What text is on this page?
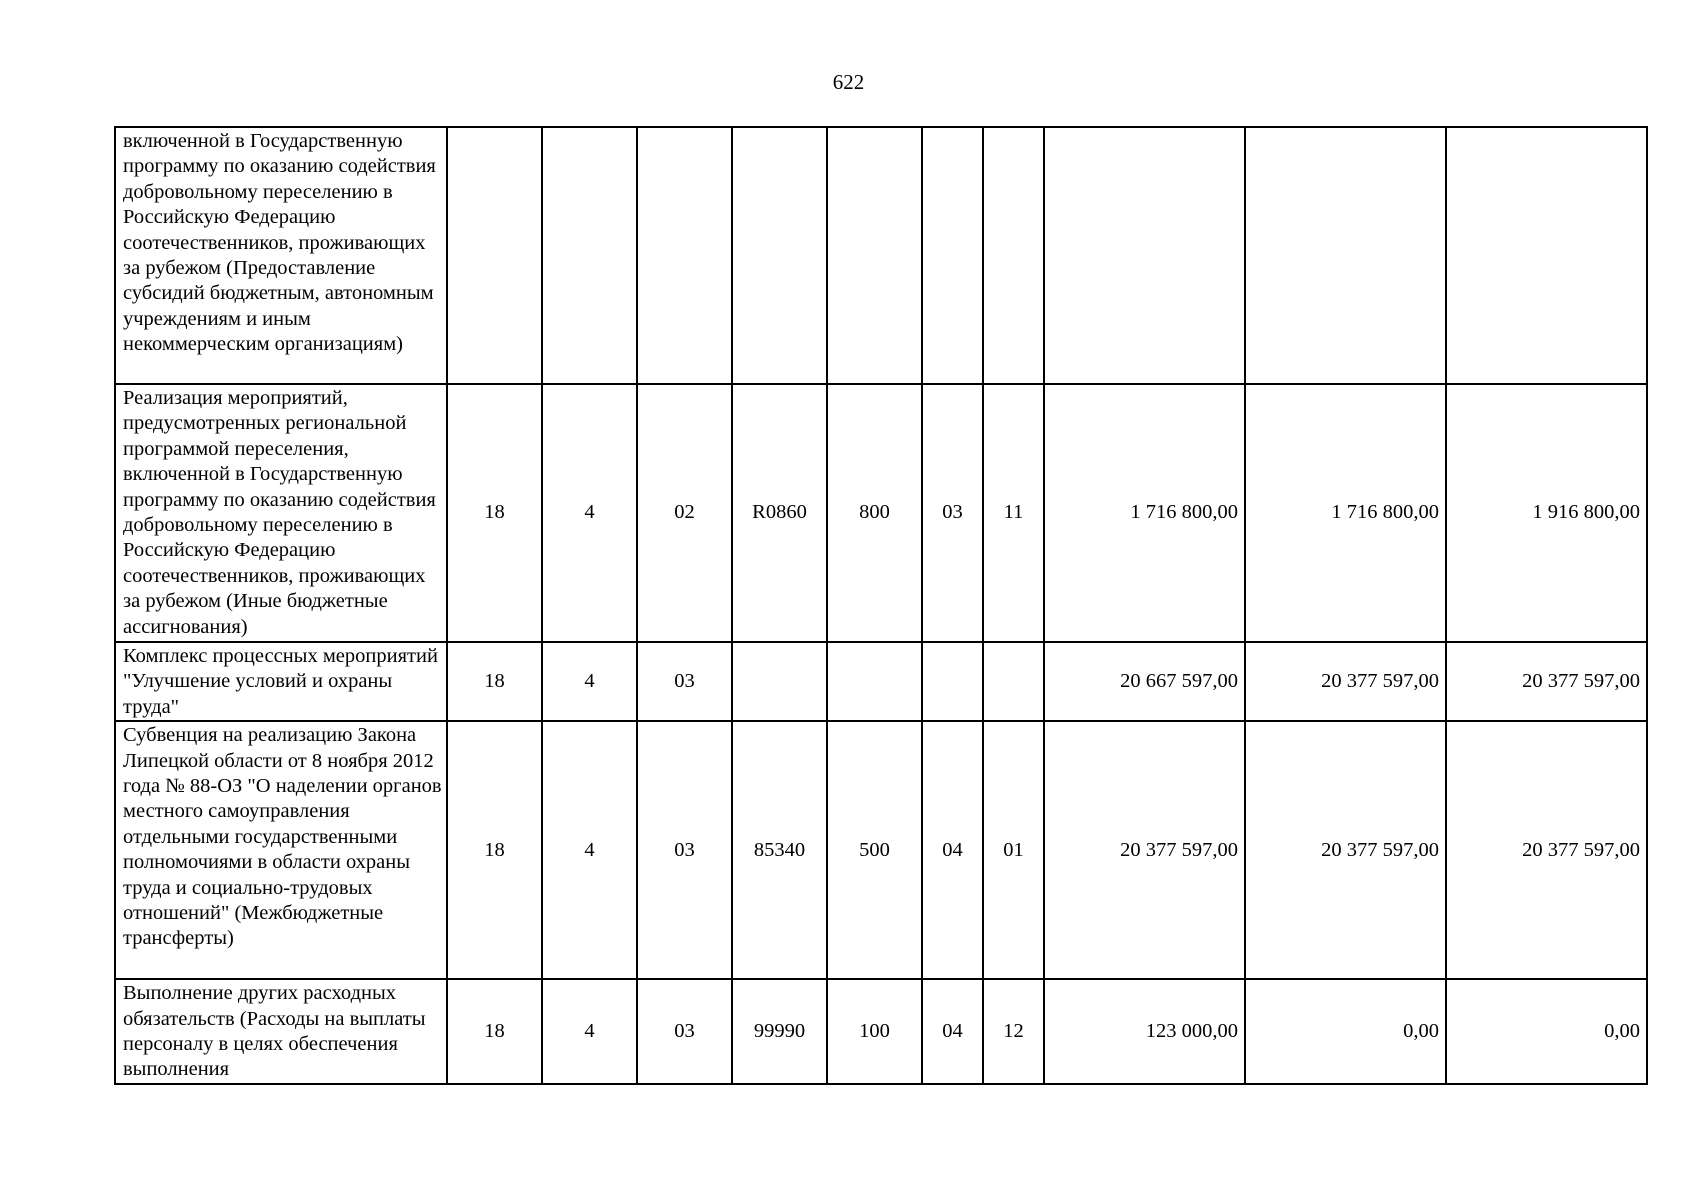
622
включенной в Государственную программу по оказанию содействия добровольному переселению в Российскую Федерацию соотечественников, проживающих за рубежом (Предоставление субсидий бюджетным, автономным учреждениям и иным некоммерческим организациям)										
Реализация мероприятий, предусмотренных региональной программой переселения, включенной в Государственную программу по оказанию содействия добровольному переселению в Российскую Федерацию соотечественников, проживающих за рубежом (Иные бюджетные ассигнования)	18	4	02	R0860	800	03	11	1 716 800,00	1 716 800,00	1 916 800,00
Комплекс процессных мероприятий "Улучшение условий и охраны труда"	18	4	03					20 667 597,00	20 377 597,00	20 377 597,00
Субвенция на реализацию Закона Липецкой области от 8 ноября 2012 года № 88-ОЗ "О наделении органов местного самоуправления отдельными государственными полномочиями в области охраны труда и социально-трудовых отношений" (Межбюджетные трансферты)	18	4	03	85340	500	04	01	20 377 597,00	20 377 597,00	20 377 597,00
Выполнение других расходных обязательств (Расходы на выплаты персоналу в целях обеспечения выполнения	18	4	03	99990	100	04	12	123 000,00	0,00	0,00
